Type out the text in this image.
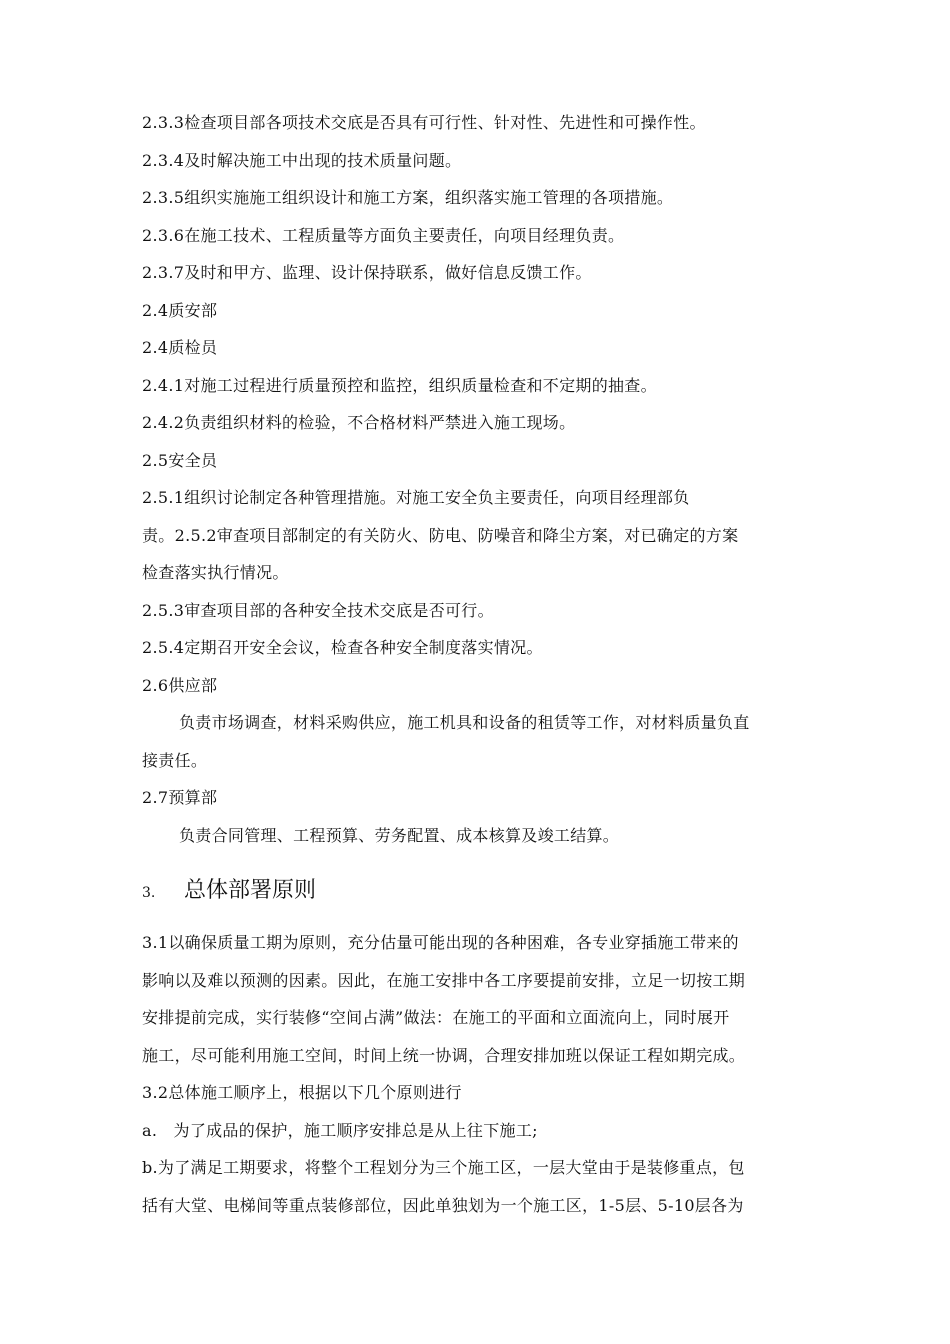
2.3.3检查项目部各项技术交底是否具有可行性、针对性、先进性和可操作性。
2.3.4及时解决施工中出现的技术质量问题。
2.3.5组织实施施工组织设计和施工方案，组织落实施工管理的各项措施。
2.3.6在施工技术、工程质量等方面负主要责任，向项目经理负责。
2.3.7及时和甲方、监理、设计保持联系，做好信息反馈工作。
2.4质安部
2.4质检员
2.4.1对施工过程进行质量预控和监控，组织质量检查和不定期的抽查。
2.4.2负责组织材料的检验，不合格材料严禁进入施工现场。
2.5安全员
2.5.1组织讨论制定各种管理措施。对施工安全负主要责任，向项目经理部负
责。2.5.2审查项目部制定的有关防火、防电、防噪音和降尘方案，对已确定的方案
检查落实执行情况。
2.5.3审查项目部的各种安全技术交底是否可行。
2.5.4定期召开安全会议，检查各种安全制度落实情况。
2.6供应部
负责市场调查，材料采购供应，施工机具和设备的租赁等工作，对材料质量负直
接责任。
2.7预算部
负责合同管理、工程预算、劳务配置、成本核算及竣工结算。
3. 总体部署原则
3.1以确保质量工期为原则，充分估量可能出现的各种困难，各专业穿插施工带来的
影响以及难以预测的因素。因此，在施工安排中各工序要提前安排，立足一切按工期
安排提前完成，实行装修“空间占满”做法：在施工的平面和立面流向上，同时展开
施工，尽可能利用施工空间，时间上统一协调，合理安排加班以保证工程如期完成。
3.2总体施工顺序上，根据以下几个原则进行
a.　为了成品的保护，施工顺序安排总是从上往下施工;
b.为了满足工期要求，将整个工程划分为三个施工区，一层大堂由于是装修重点，包
括有大堂、电梯间等重点装修部位，因此单独划为一个施工区，1-5层、5-10层各为
